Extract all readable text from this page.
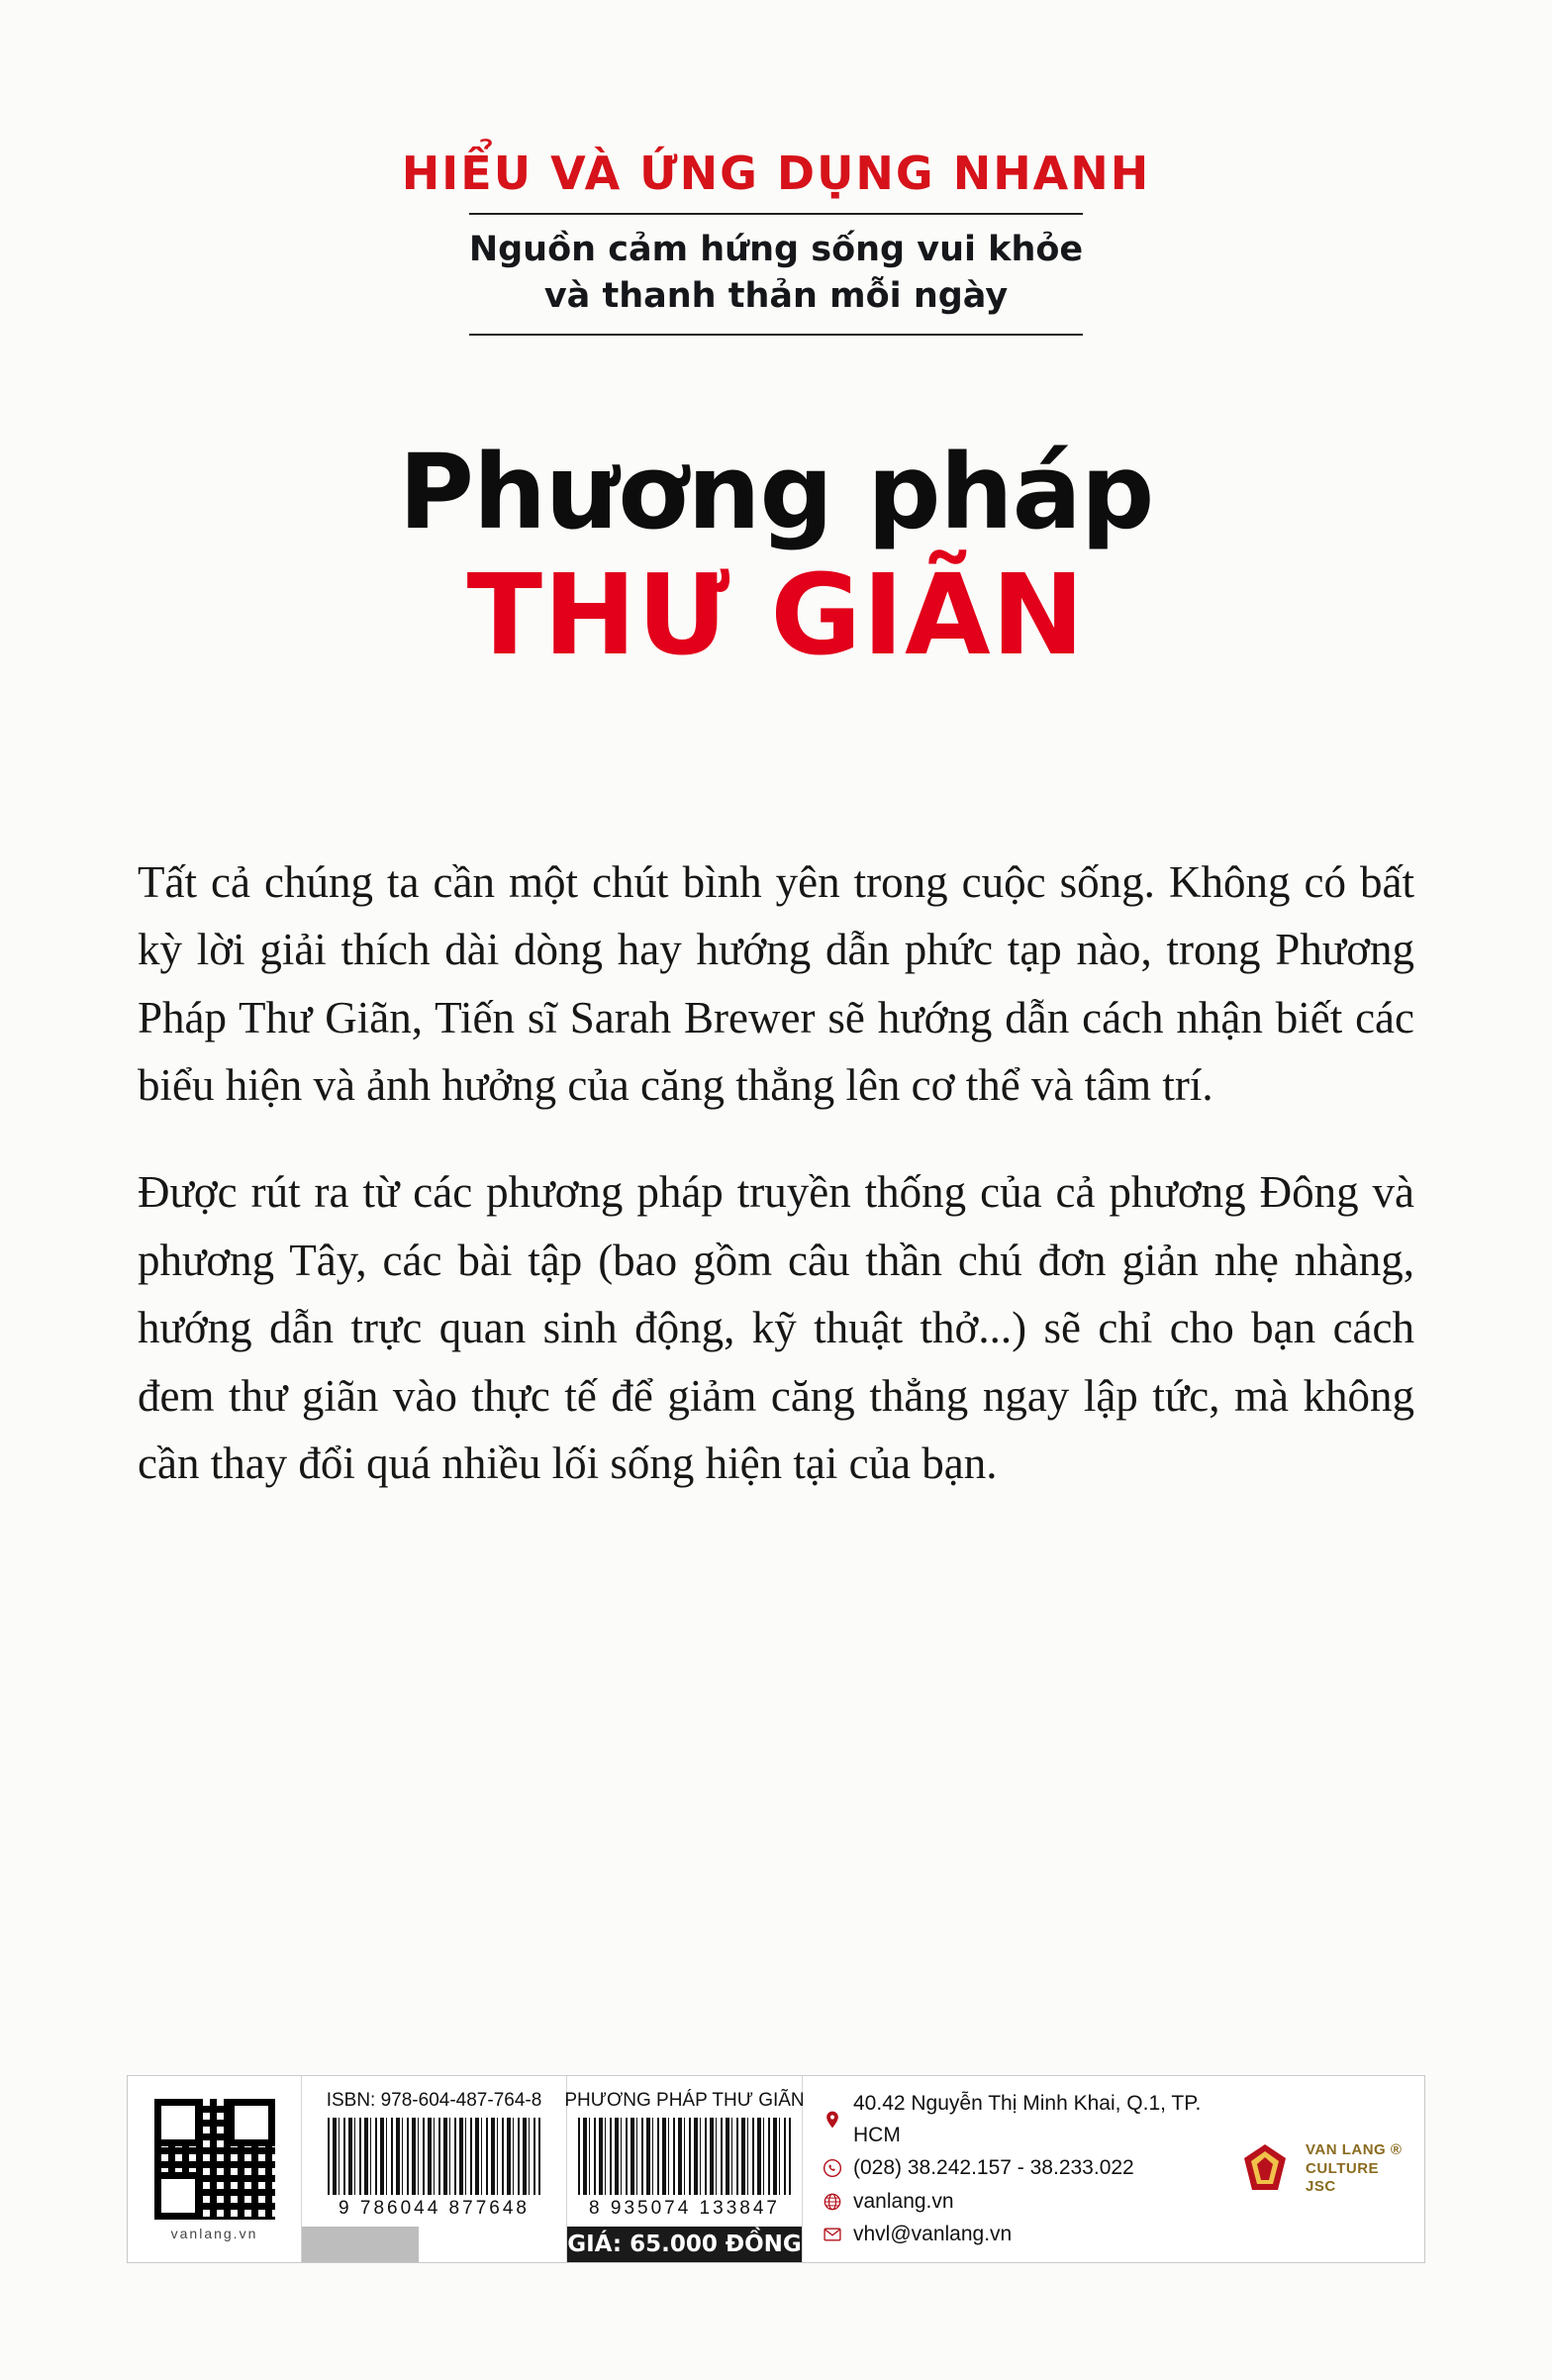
HIỂU VÀ ỨNG DỤNG NHANH
Nguồn cảm hứng sống vui khỏe
và thanh thản mỗi ngày
Phương pháp
THƯ GIÃN

Tất cả chúng ta cần một chút bình yên trong cuộc sống. Không có bất kỳ lời giải thích dài dòng hay hướng dẫn phức tạp nào, trong Phương Pháp Thư Giãn, Tiến sĩ Sarah Brewer sẽ hướng dẫn cách nhận biết các biểu hiện và ảnh hưởng của căng thẳng lên cơ thể và tâm trí.

Được rút ra từ các phương pháp truyền thống của cả phương Đông và phương Tây, các bài tập (bao gồm câu thần chú đơn giản nhẹ nhàng, hướng dẫn trực quan sinh động, kỹ thuật thở...) sẽ chỉ cho bạn cách đem thư giãn vào thực tế để giảm căng thẳng ngay lập tức, mà không cần thay đổi quá nhiều lối sống hiện tại của bạn.

vanlang.vn
ISBN: 978-604-487-764-8
9 786044 877648
PHƯƠNG PHÁP THƯ GIÃN
8 935074 133847
GIÁ: 65.000 ĐỒNG
40.42 Nguyễn Thị Minh Khai, Q.1, TP. HCM
(028) 38.242.157 - 38.233.022
vanlang.vn
vhvl@vanlang.vn
VAN LANG ®
CULTURE JSC
